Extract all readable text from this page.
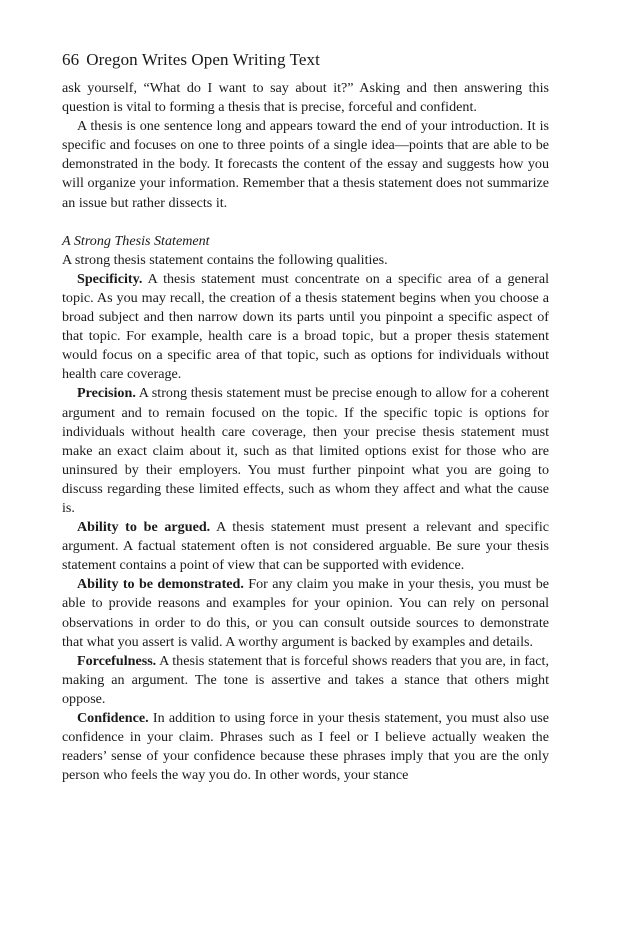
66 Oregon Writes Open Writing Text

ask yourself, “What do I want to say about it?” Asking and then answering this question is vital to forming a thesis that is precise, forceful and confident.

A thesis is one sentence long and appears toward the end of your introduction. It is specific and focuses on one to three points of a single idea—points that are able to be demonstrated in the body. It forecasts the content of the essay and suggests how you will organize your information. Remember that a thesis statement does not summarize an issue but rather dissects it.

A Strong Thesis Statement

A strong thesis statement contains the following qualities.

Specificity. A thesis statement must concentrate on a specific area of a general topic. As you may recall, the creation of a thesis statement begins when you choose a broad subject and then narrow down its parts until you pinpoint a specific aspect of that topic. For example, health care is a broad topic, but a proper thesis statement would focus on a specific area of that topic, such as options for individuals without health care coverage.

Precision. A strong thesis statement must be precise enough to allow for a coherent argument and to remain focused on the topic. If the specific topic is options for individuals without health care coverage, then your precise thesis statement must make an exact claim about it, such as that limited options exist for those who are uninsured by their employers. You must further pinpoint what you are going to discuss regarding these limited effects, such as whom they affect and what the cause is.

Ability to be argued. A thesis statement must present a relevant and specific argument. A factual statement often is not considered arguable. Be sure your thesis statement contains a point of view that can be supported with evidence.

Ability to be demonstrated. For any claim you make in your thesis, you must be able to provide reasons and examples for your opinion. You can rely on personal observations in order to do this, or you can consult outside sources to demonstrate that what you assert is valid. A worthy argument is backed by examples and details.

Forcefulness. A thesis statement that is forceful shows readers that you are, in fact, making an argument. The tone is assertive and takes a stance that others might oppose.

Confidence. In addition to using force in your thesis statement, you must also use confidence in your claim. Phrases such as I feel or I believe actually weaken the readers’ sense of your confidence because these phrases imply that you are the only person who feels the way you do. In other words, your stance
